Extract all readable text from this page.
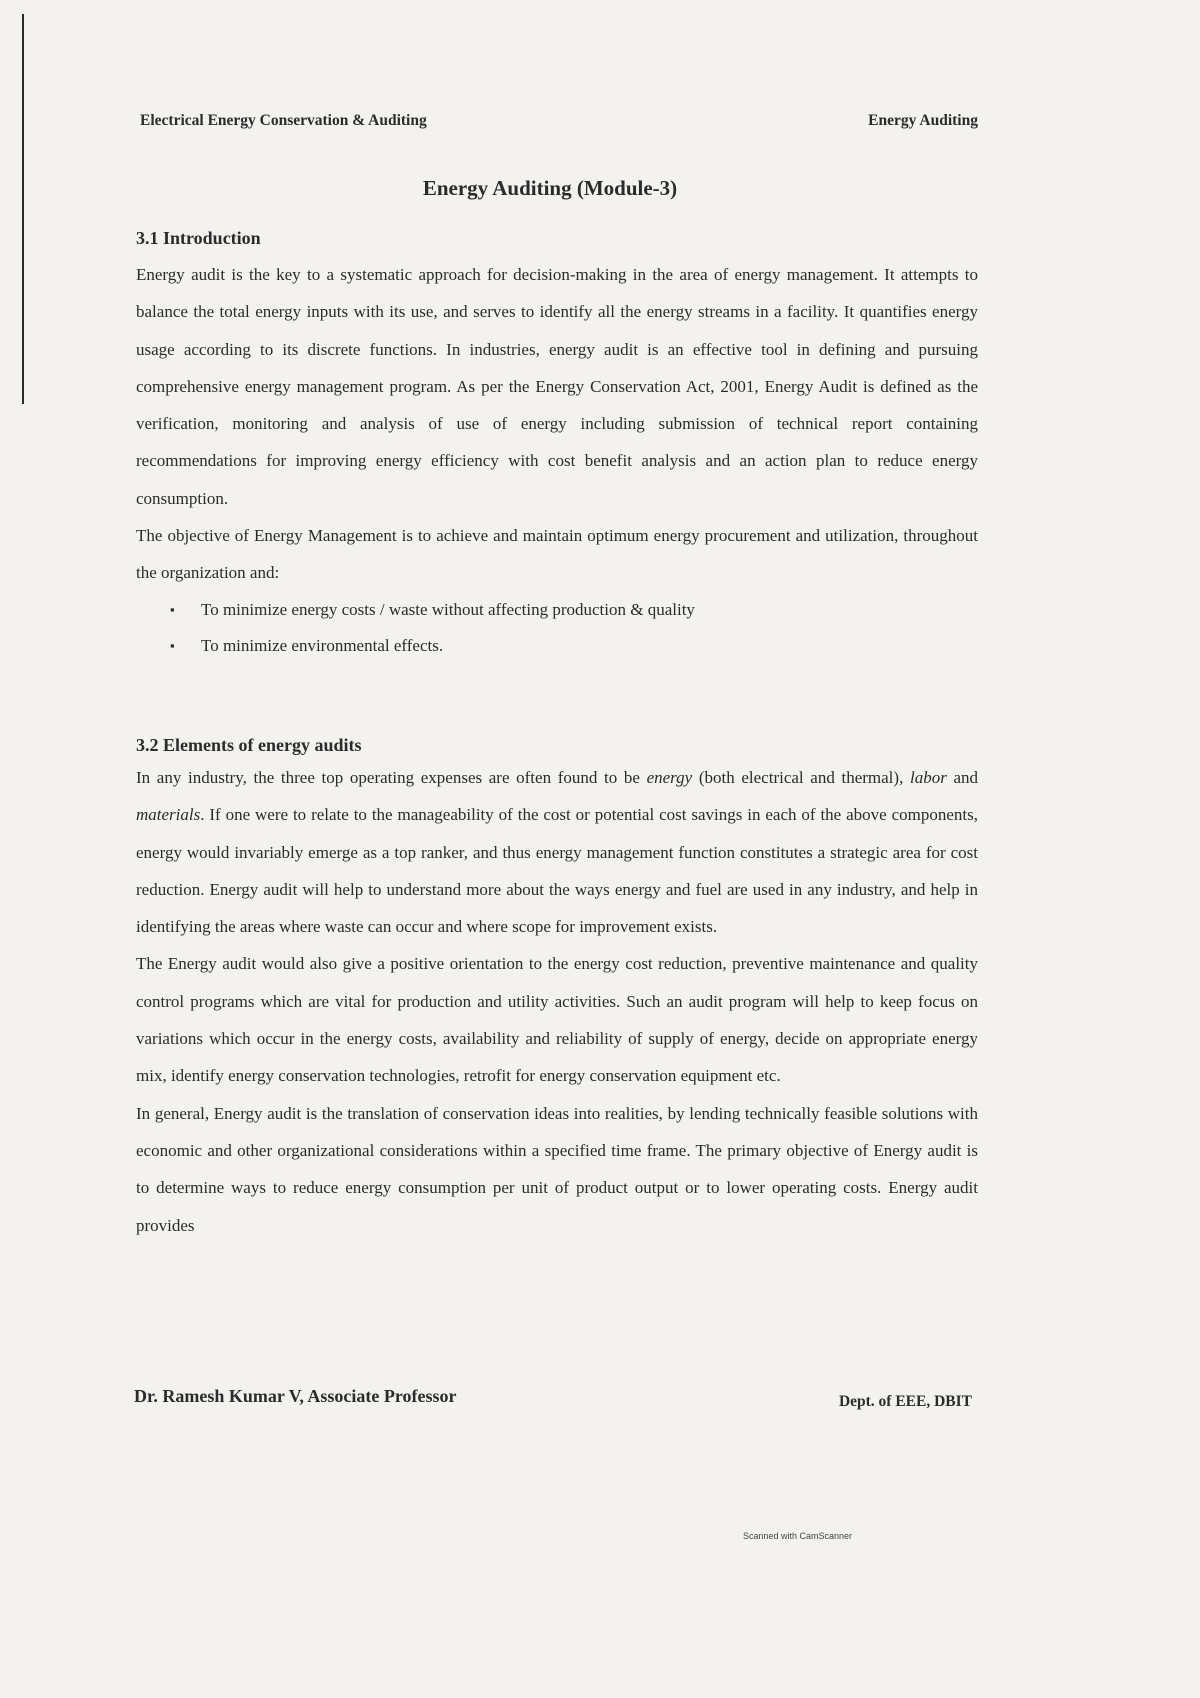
Electrical Energy Conservation & Auditing	Energy Auditing
Energy Auditing (Module-3)
3.1 Introduction

Energy audit is the key to a systematic approach for decision-making in the area of energy management. It attempts to balance the total energy inputs with its use, and serves to identify all the energy streams in a facility. It quantifies energy usage according to its discrete functions. In industries, energy audit is an effective tool in defining and pursuing comprehensive energy management program. As per the Energy Conservation Act, 2001, Energy Audit is defined as the verification, monitoring and analysis of use of energy including submission of technical report containing recommendations for improving energy efficiency with cost benefit analysis and an action plan to reduce energy consumption.

The objective of Energy Management is to achieve and maintain optimum energy procurement and utilization, throughout the organization and:

▪ To minimize energy costs / waste without affecting production & quality
▪ To minimize environmental effects.
3.2 Elements of energy audits

In any industry, the three top operating expenses are often found to be energy (both electrical and thermal), labor and materials. If one were to relate to the manageability of the cost or potential cost savings in each of the above components, energy would invariably emerge as a top ranker, and thus energy management function constitutes a strategic area for cost reduction. Energy audit will help to understand more about the ways energy and fuel are used in any industry, and help in identifying the areas where waste can occur and where scope for improvement exists.

The Energy audit would also give a positive orientation to the energy cost reduction, preventive maintenance and quality control programs which are vital for production and utility activities. Such an audit program will help to keep focus on variations which occur in the energy costs, availability and reliability of supply of energy, decide on appropriate energy mix, identify energy conservation technologies, retrofit for energy conservation equipment etc.

In general, Energy audit is the translation of conservation ideas into realities, by lending technically feasible solutions with economic and other organizational considerations within a specified time frame. The primary objective of Energy audit is to determine ways to reduce energy consumption per unit of product output or to lower operating costs. Energy audit provides

Dr. Ramesh Kumar V, Associate Professor	Dept. of EEE, DBIT
Scanned with CamScanner
